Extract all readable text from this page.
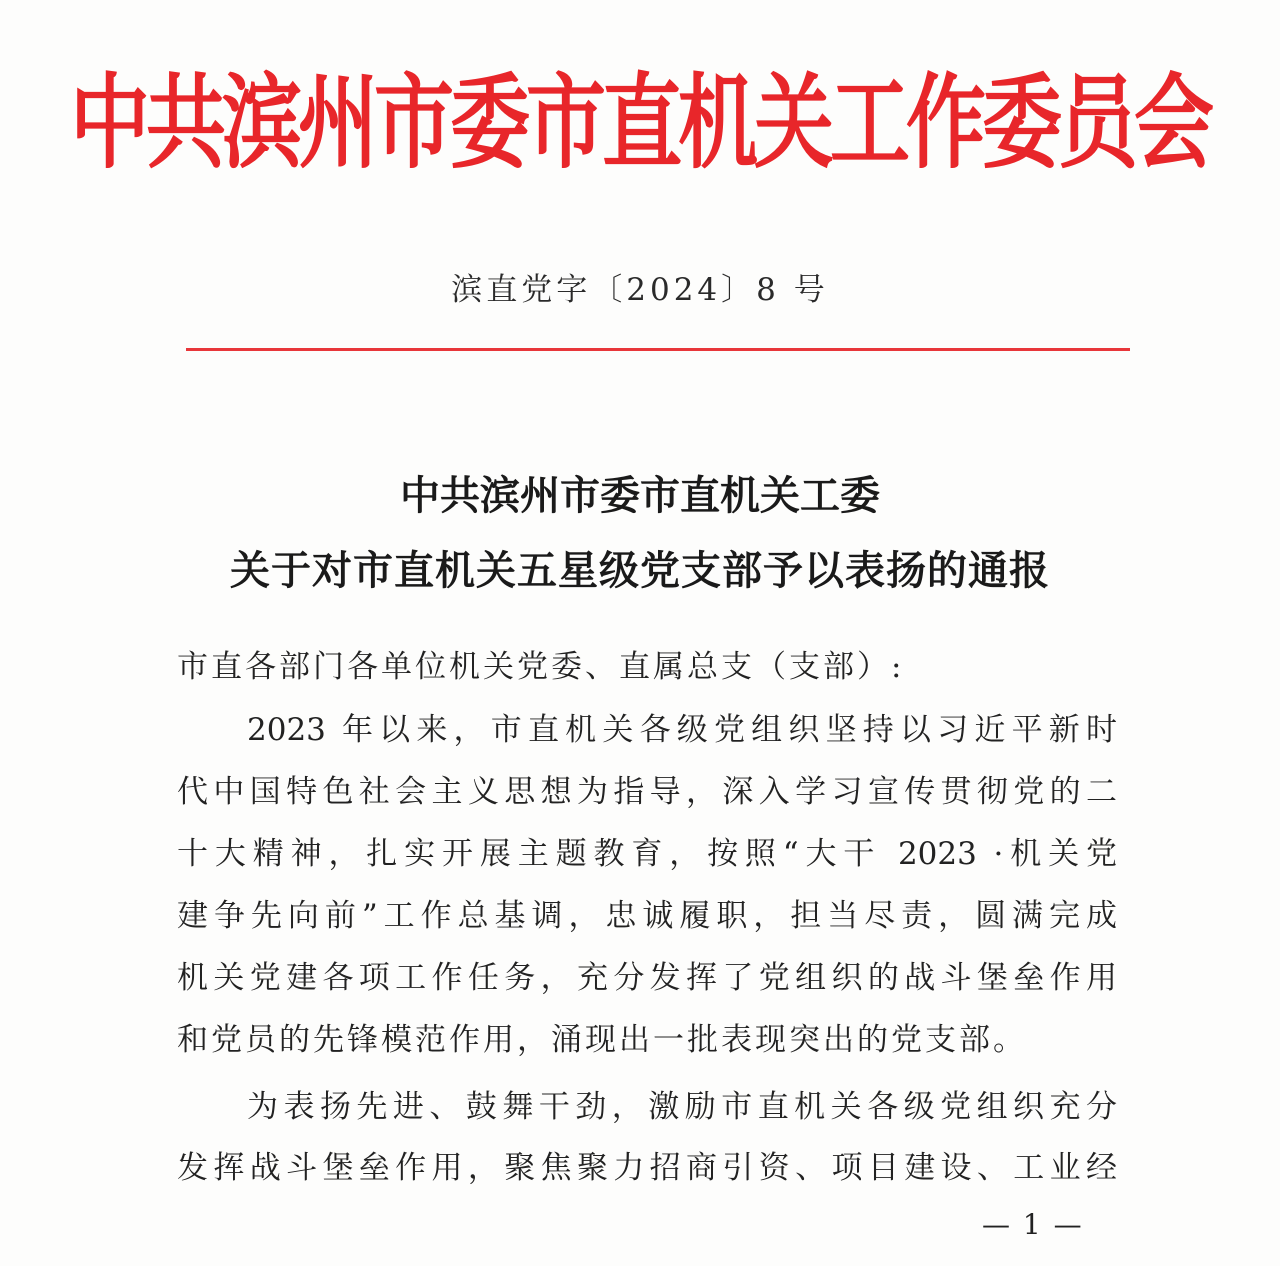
中共滨州市委市直机关工作委员会
滨直党字〔2024〕8 号
中共滨州市委市直机关工委
关于对市直机关五星级党支部予以表扬的通报
市直各部门各单位机关党委、直属总支（支部）:
2023 年以来，市直机关各级党组织坚持以习近平新时
代中国特色社会主义思想为指导，深入学习宣传贯彻党的二
十大精神，扎实开展主题教育，按照“大干 2023 ·机关党
建争先向前”工作总基调，忠诚履职，担当尽责，圆满完成
机关党建各项工作任务，充分发挥了党组织的战斗堡垒作用
和党员的先锋模范作用，涌现出一批表现突出的党支部。
为表扬先进、鼓舞干劲，激励市直机关各级党组织充分
发挥战斗堡垒作用，聚焦聚力招商引资、项目建设、工业经
— 1 —
